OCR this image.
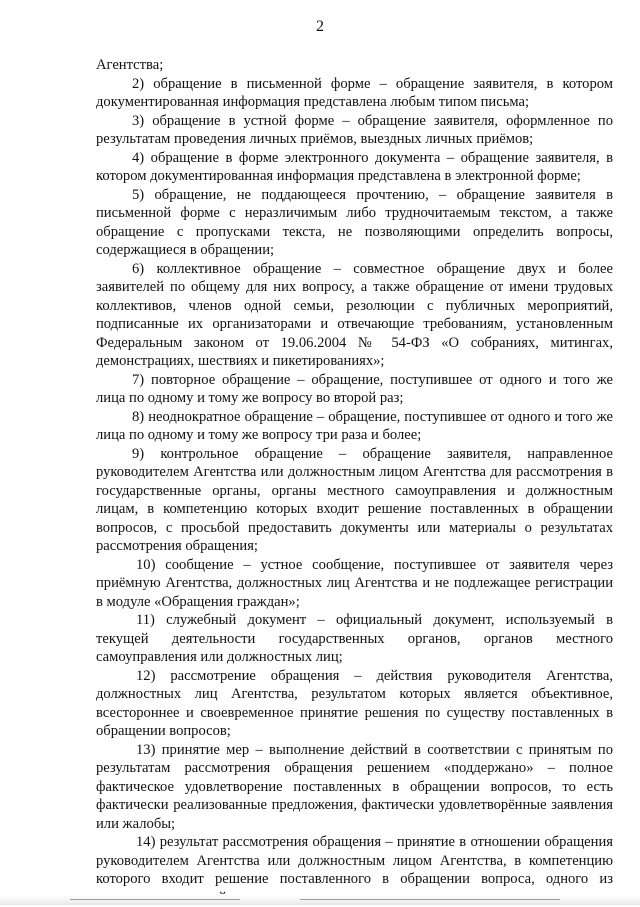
2

Агентства;

2) обращение в письменной форме – обращение заявителя, в котором документированная информация представлена любым типом письма;

3) обращение в устной форме – обращение заявителя, оформленное по результатам проведения личных приёмов, выездных личных приёмов;

4) обращение в форме электронного документа – обращение заявителя, в котором документированная информация представлена в электронной форме;

5) обращение, не поддающееся прочтению, – обращение заявителя в письменной форме с неразличимым либо трудночитаемым текстом, а также обращение с пропусками текста, не позволяющими определить вопросы, содержащиеся в обращении;

6) коллективное обращение – совместное обращение двух и более заявителей по общему для них вопросу, а также обращение от имени трудовых коллективов, членов одной семьи, резолюции с публичных мероприятий, подписанные их организаторами и отвечающие требованиям, установленным Федеральным законом от 19.06.2004 № 54-ФЗ «О собраниях, митингах, демонстрациях, шествиях и пикетированиях»;

7) повторное обращение – обращение, поступившее от одного и того же лица по одному и тому же вопросу во второй раз;

8) неоднократное обращение – обращение, поступившее от одного и того же лица по одному и тому же вопросу три раза и более;

9) контрольное обращение – обращение заявителя, направленное руководителем Агентства или должностным лицом Агентства для рассмотрения в государственные органы, органы местного самоуправления и должностным лицам, в компетенцию которых входит решение поставленных в обращении вопросов, с просьбой предоставить документы или материалы о результатах рассмотрения обращения;

10) сообщение – устное сообщение, поступившее от заявителя через приёмную Агентства, должностных лиц Агентства и не подлежащее регистрации в модуле «Обращения граждан»;

11) служебный документ – официальный документ, используемый в текущей деятельности государственных органов, органов местного самоуправления или должностных лиц;

12) рассмотрение обращения – действия руководителя Агентства, должностных лиц Агентства, результатом которых является объективное, всестороннее и своевременное принятие решения по существу поставленных в обращении вопросов;

13) принятие мер – выполнение действий в соответствии с принятым по результатам рассмотрения обращения решением «поддержано» – полное фактическое удовлетворение поставленных в обращении вопросов, то есть фактически реализованные предложения, фактически удовлетворённые заявления или жалобы;

14) результат рассмотрения обращения – принятие в отношении обращения руководителем Агентства или должностным лицом Агентства, в компетенцию которого входит решение поставленного в обращении вопроса, одного из
